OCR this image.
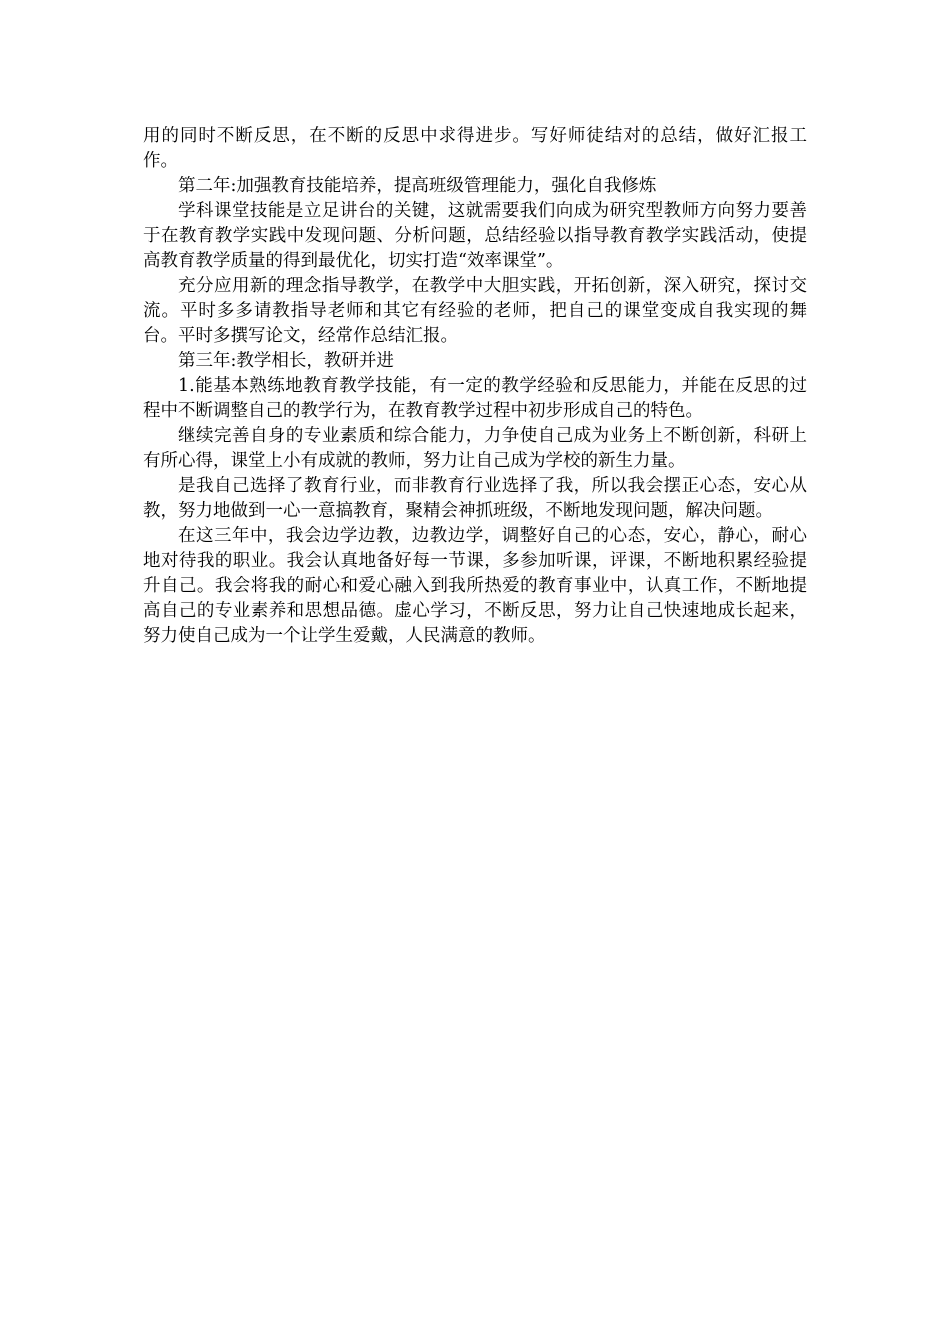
用的同时不断反思，在不断的反思中求得进步。写好师徒结对的总结，做好汇报工作。

第二年:加强教育技能培养，提高班级管理能力，强化自我修炼

学科课堂技能是立足讲台的关键，这就需要我们向成为研究型教师方向努力要善于在教育教学实践中发现问题、分析问题，总结经验以指导教育教学实践活动，使提高教育教学质量的得到最优化，切实打造“效率课堂”。

充分应用新的理念指导教学，在教学中大胆实践，开拓创新，深入研究，探讨交流。平时多多请教指导老师和其它有经验的老师，把自己的课堂变成自我实现的舞台。平时多撰写论文，经常作总结汇报。

第三年:教学相长，教研并进

1.能基本熟练地教育教学技能，有一定的教学经验和反思能力，并能在反思的过程中不断调整自己的教学行为，在教育教学过程中初步形成自己的特色。

继续完善自身的专业素质和综合能力，力争使自己成为业务上不断创新，科研上有所心得，课堂上小有成就的教师，努力让自己成为学校的新生力量。

是我自己选择了教育行业，而非教育行业选择了我，所以我会摆正心态，安心从教，努力地做到一心一意搞教育，聚精会神抓班级，不断地发现问题，解决问题。

在这三年中，我会边学边教，边教边学，调整好自己的心态，安心，静心，耐心地对待我的职业。我会认真地备好每一节课，多参加听课，评课，不断地积累经验提升自己。我会将我的耐心和爱心融入到我所热爱的教育事业中，认真工作，不断地提高自己的专业素养和思想品德。虚心学习，不断反思，努力让自己快速地成长起来，努力使自己成为一个让学生爱戴，人民满意的教师。
